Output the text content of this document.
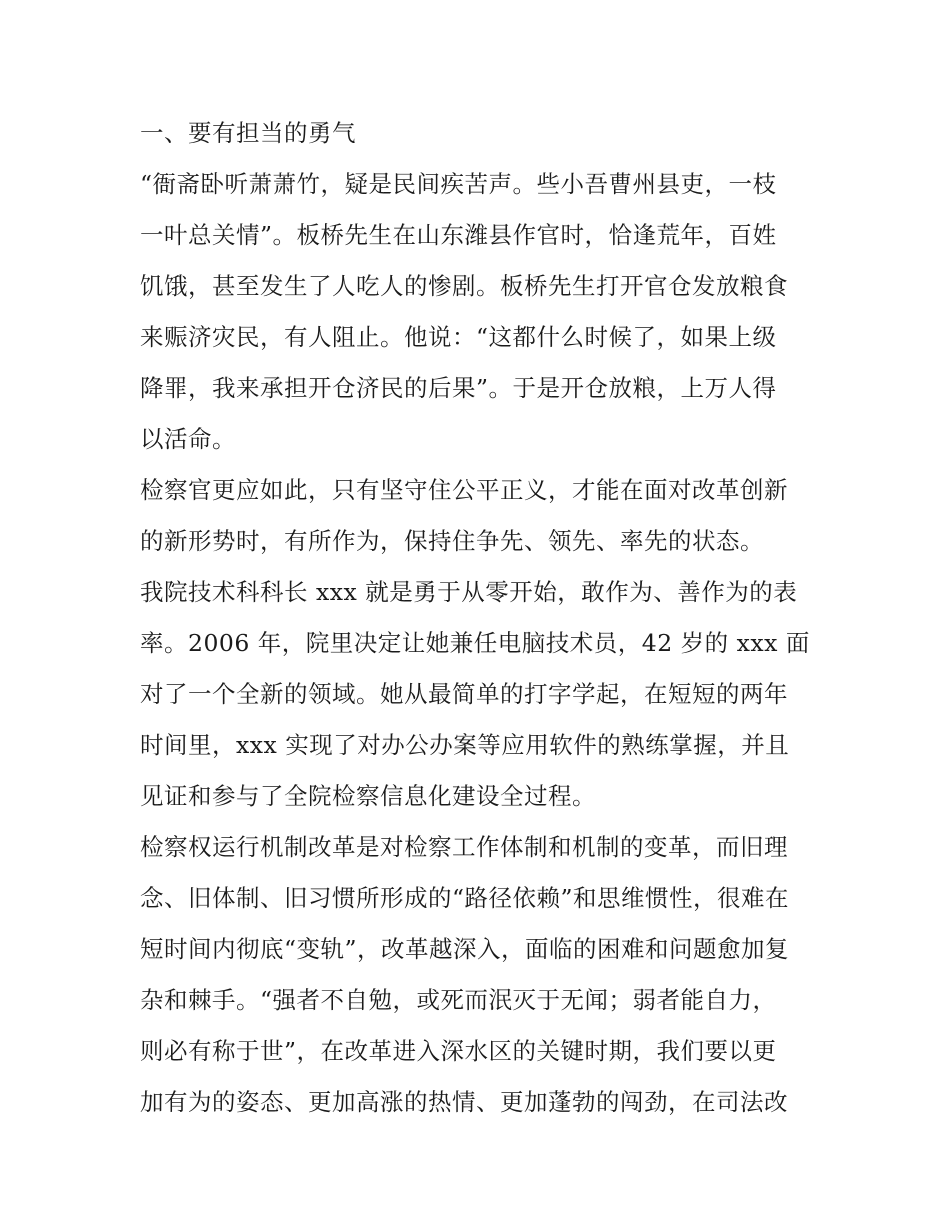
一、要有担当的勇气
“衙斋卧听萧萧竹，疑是民间疾苦声。些小吾曹州县吏，一枝
一叶总关情”。板桥先生在山东潍县作官时，恰逢荒年，百姓
饥饿，甚至发生了人吃人的惨剧。板桥先生打开官仓发放粮食
来赈济灾民，有人阻止。他说：“这都什么时候了，如果上级
降罪，我来承担开仓济民的后果”。于是开仓放粮，上万人得
以活命。
检察官更应如此，只有坚守住公平正义，才能在面对改革创新
的新形势时，有所作为，保持住争先、领先、率先的状态。
我院技术科科长 xxx 就是勇于从零开始，敢作为、善作为的表
率。2006 年，院里决定让她兼任电脑技术员，42 岁的 xxx 面
对了一个全新的领域。她从最简单的打字学起，在短短的两年
时间里，xxx 实现了对办公办案等应用软件的熟练掌握，并且
见证和参与了全院检察信息化建设全过程。
检察权运行机制改革是对检察工作体制和机制的变革，而旧理
念、旧体制、旧习惯所形成的“路径依赖”和思维惯性，很难在
短时间内彻底“变轨”，改革越深入，面临的困难和问题愈加复
杂和棘手。“强者不自勉，或死而泯灭于无闻；弱者能自力，
则必有称于世”，在改革进入深水区的关键时期，我们要以更
加有为的姿态、更加高涨的热情、更加蓬勃的闯劲，在司法改
